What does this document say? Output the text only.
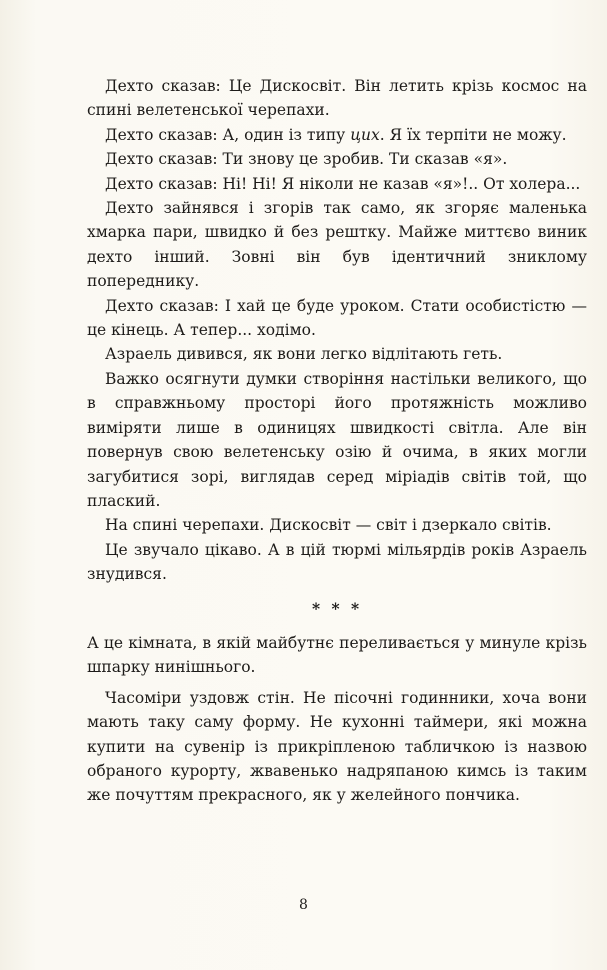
Дехто сказав: Це Дискосвіт. Він летить крізь космос на спині велетенської черепахи.

Дехто сказав: А, один із типу цих. Я їх терпіти не можу.

Дехто сказав: Ти знову це зробив. Ти сказав «я».

Дехто сказав: Ні! Ні! Я ніколи не казав «я»!.. От холера...

Дехто зайнявся і згорів так само, як згоряє маленька хмарка пари, швидко й без рештку. Майже миттєво виник дехто інший. Зовні він був ідентичний зниклому попереднику.

Дехто сказав: І хай це буде уроком. Стати особистістю — це кінець. А тепер... ходімо.

Азраель дивився, як вони легко відлітають геть.

Важко осягнути думки створіння настільки великого, що в справжньому просторі його протяжність можливо виміряти лише в одиницях швидкості світла. Але він повернув свою велетенську озію й очима, в яких могли загубитися зорі, виглядав серед міріадів світів той, що плаский.

На спині черепахи. Дискосвіт — світ і дзеркало світів.

Це звучало цікаво. А в цій тюрмі мільярдів років Азраель знудився.

* * *

А це кімната, в якій майбутнє переливається у минуле крізь шпарку нинішнього.

Часоміри уздовж стін. Не пісочні годинники, хоча вони мають таку саму форму. Не кухонні таймери, які можна купити на сувенір із прикріпленою табличкою із назвою обраного курорту, жвавенько надряпаною кимсь із таким же почуттям прекрасного, як у желейного пончика.

8
